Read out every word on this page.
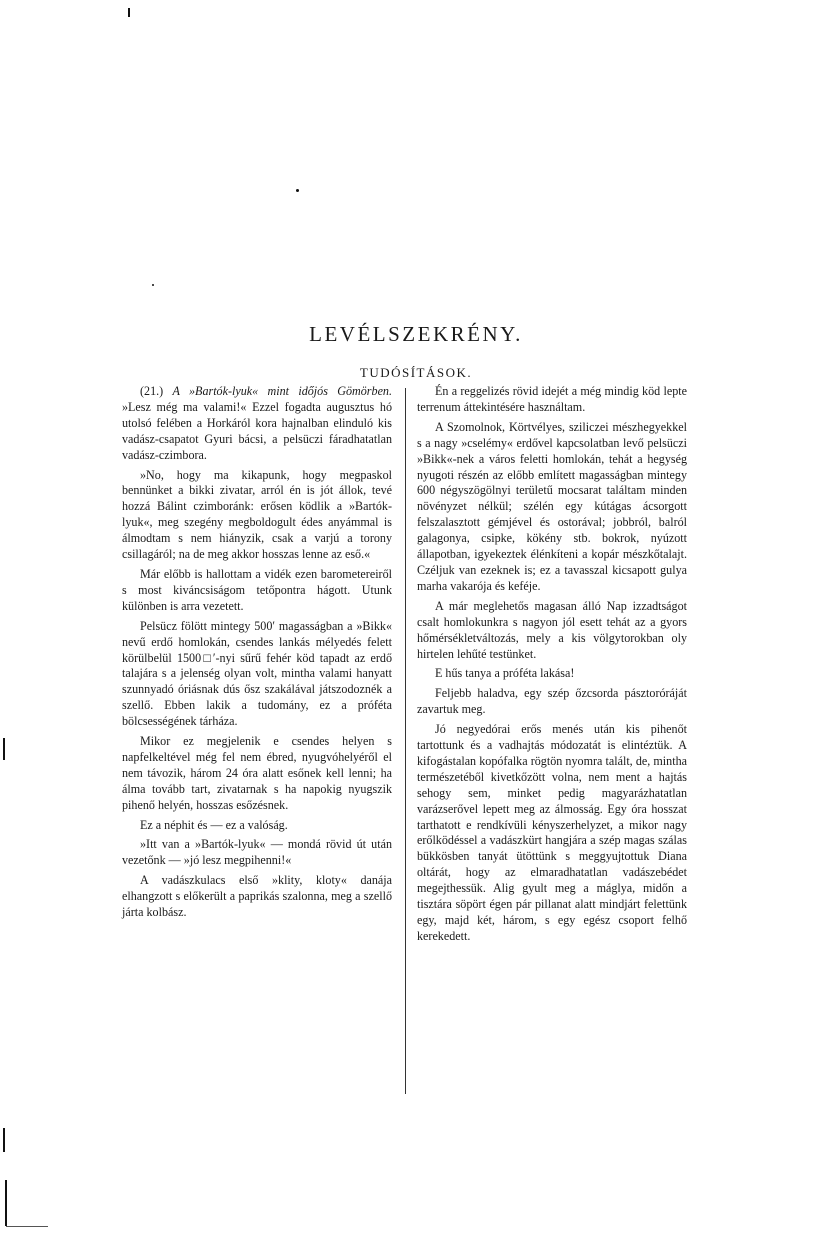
LEVÉLSZEKRÉNY.
TUDÓSÍTÁSOK.

(21.) A »Bartók-lyuk« mint időjós Gömörben. »Lesz még ma valami!« Ezzel fogadta augusztus hó utolsó felében a Horkáról kora hajnalban elinduló kis vadász-csapatot Gyuri bácsi, a pelsüczi fáradhatatlan vadász-czimbora.

»No, hogy ma kikapunk, hogy megpaskol bennünket a bikki zivatar, arról én is jót állok, tevé hozzá Bálint czimboránk: erősen ködlik a »Bartók-lyuk«, meg szegény megboldogult édes anyámmal is álmodtam s nem hiányzik, csak a varjú a torony csillagáról; na de meg akkor hosszas lenne az eső.«

Már előbb is hallottam a vidék ezen barometereiről s most kiváncsiságom tetőpontra hágott. Utunk különben is arra vezetett.

Pelsücz fölött mintegy 500′ magasságban a »Bikk« nevű erdő homlokán, csendes lankás mélyedés felett körülbelül 1500□′-nyi sűrű fehér köd tapadt az erdő talajára s a jelenség olyan volt, mintha valami hanyatt szunnyadó óriásnak dús ősz szakálával játszodoznék a szellő. Ebben lakik a tudomány, ez a próféta bölcsességének tárháza.

Mikor ez megjelenik e csendes helyen s napfelkeltével még fel nem ébred, nyugvóhelyéről el nem távozik, három 24 óra alatt esőnek kell lenni; ha álma tovább tart, zivatarnak s ha napokig nyugszik pihenő helyén, hosszas esőzésnek.

Ez a néphit és — ez a valóság.

»Itt van a »Bartók-lyuk« — mondá rövid út után vezetőnk — »jó lesz megpihenni!«

A vadászkulacs első »klity, kloty« danája elhangzott s előkerült a paprikás szalonna, meg a szellő járta kolbász.

Én a reggelizés rövid idejét a még mindig köd lepte terrenum áttekintésére használtam.

A Szomolnok, Körtvélyes, sziliczei mészhegyekkel s a nagy »cselémy« erdővel kapcsolatban levő pelsüczi »Bikk«-nek a város feletti homlokán, tehát a hegység nyugoti részén az előbb említett magasságban mintegy 600 négyszögölnyi területű mocsarat találtam minden növényzet nélkül; szélén egy kútágas ácsorgott felszalasztott gémjével és ostorával; jobbról, balról galagonya, csipke, kökény stb. bokrok, nyúzott állapotban, igyekeztek élénkíteni a kopár mészkőtalajt. Czéljuk van ezeknek is; ez a tavasszal kicsapott gulya marha vakarója és keféje.

A már meglehetős magasan álló Nap izzadtságot csalt homlokunkra s nagyon jól esett tehát az a gyors hőmérsékletváltozás, mely a kis völgytorokban oly hirtelen lehűté testünket.

E hűs tanya a próféta lakása!

Feljebb haladva, egy szép őzcsorda pásztoróráját zavartuk meg.

Jó negyedórai erős menés után kis pihenőt tartottunk és a vadhajtás módozatát is elintéztük. A kifogástalan kopófalka rögtön nyomra talált, de, mintha természetéből kivetkőzött volna, nem ment a hajtás sehogy sem, minket pedig magyarázhatatlan varázserővel lepett meg az álmosság. Egy óra hosszat tarthatott e rendkívüli kényszerhelyzet, a mikor nagy erőlködéssel a vadászkürt hangjára a szép magas szálas bükkösben tanyát ütöttünk s meggyujtottuk Diana oltárát, hogy az elmaradhatatlan vadászebédet megejthessük. Alig gyult meg a máglya, midőn a tisztára söpört égen pár pillanat alatt mindjárt felettünk egy, majd két, három, s egy egész csoport felhő kerekedett.
